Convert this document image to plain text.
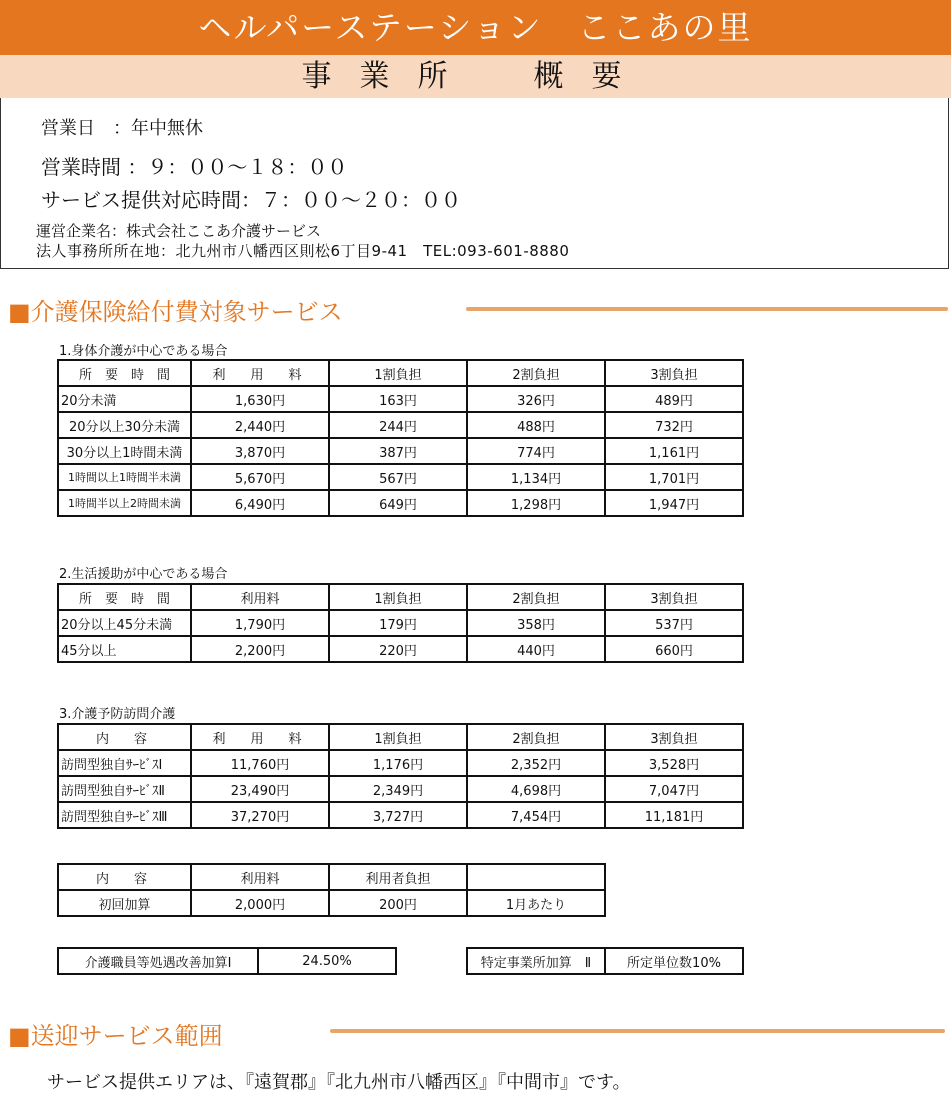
ヘルパーステーション　ここあの里
事業所　概要
営業日　：年中無休
営業時間 ：９：００〜１８：００
サービス提供対応時間：７：００〜２０：００
運営企業名：株式会社ここあ介護サービス
法人事務所所在地：北九州市八幡西区則松6丁目9-41　TEL:093-601-8880
■介護保険給付費対象サービス
1.身体介護が中心である場合
所　要　時　間	利　用　料	1割負担	2割負担	3割負担
20分未満	1,630円	163円	326円	489円
20分以上30分未満	2,440円	244円	488円	732円
30分以上1時間未満	3,870円	387円	774円	1,161円
1時間以上1時間半未満	5,670円	567円	1,134円	1,701円
1時間半以上2時間未満	6,490円	649円	1,298円	1,947円
2.生活援助が中心である場合
所　要　時　間	利用料	1割負担	2割負担	3割負担
20分以上45分未満	1,790円	179円	358円	537円
45分以上	2,200円	220円	440円	660円
3.介護予防訪問介護
内　容	利　用　料	1割負担	2割負担	3割負担
訪問型独自ｻｰﾋﾞｽⅠ	11,760円	1,176円	2,352円	3,528円
訪問型独自ｻｰﾋﾞｽⅡ	23,490円	2,349円	4,698円	7,047円
訪問型独自ｻｰﾋﾞｽⅢ	37,270円	3,727円	7,454円	11,181円
内　容	利用料	利用者負担	
初回加算	2,000円	200円	1月あたり
介護職員等処遇改善加算Ⅰ	24.50%	特定事業所加算　Ⅱ	所定単位数10%
■送迎サービス範囲
サービス提供エリアは、『遠賀郡』『北九州市八幡西区』『中間市』です。
